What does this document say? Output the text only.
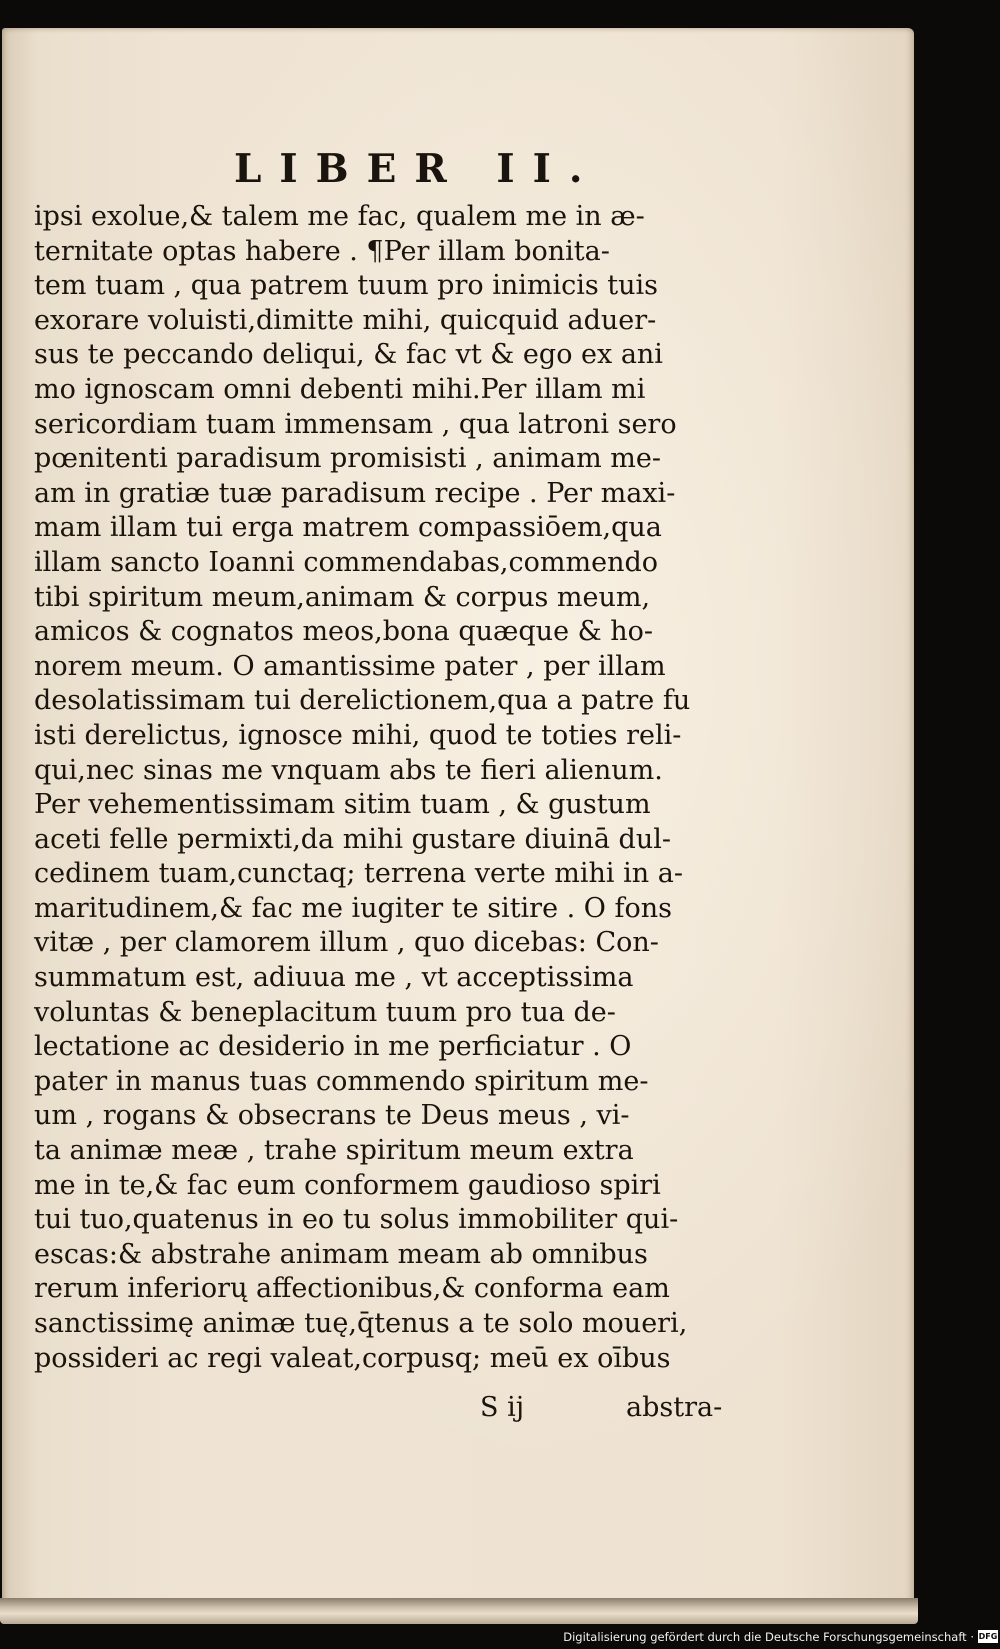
LIBER II.
ipsi exolue,& talem me fac, qualem me in æ-
ternitate optas habere . ¶Per illam bonita-
tem tuam , qua patrem tuum pro inimicis tuis
exorare voluisti,dimitte mihi, quicquid aduer-
sus te peccando deliqui, & fac vt & ego ex ani
mo ignoscam omni debenti mihi.Per illam mi
sericordiam tuam immensam , qua latroni sero
pœnitenti paradisum promisisti , animam me-
am in gratiæ tuæ paradisum recipe . Per maxi-
mam illam tui erga matrem compassiōem,qua
illam sancto Ioanni commendabas,commendo
tibi spiritum meum,animam & corpus meum,
amicos & cognatos meos,bona quæque & ho-
norem meum. O amantissime pater , per illam
desolatissimam tui derelictionem,qua a patre fu
isti derelictus, ignosce mihi, quod te toties reli-
qui,nec sinas me vnquam abs te fieri alienum.
Per vehementissimam sitim tuam , & gustum
aceti felle permixti,da mihi gustare diuinā dul-
cedinem tuam,cunctaq; terrena verte mihi in a-
maritudinem,& fac me iugiter te sitire . O fons
vitæ , per clamorem illum , quo dicebas: Con-
summatum est, adiuua me , vt acceptissima
voluntas & beneplacitum tuum pro tua de-
lectatione ac desiderio in me perficiatur . O
pater in manus tuas commendo spiritum me-
um , rogans & obsecrans te Deus meus , vi-
ta animæ meæ , trahe spiritum meum extra
me in te,& fac eum conformem gaudioso spiri
tui tuo,quatenus in eo tu solus immobiliter qui-
escas:& abstrahe animam meam ab omnibus
rerum inferiorų affectionibus,& conforma eam
sanctissimę animæ tuę,q̄tenus a te solo moueri,
possideri ac regi valeat,corpusq; meū ex oībus
S ij	abstra-
Digitalisierung gefördert durch die Deutsche Forschungsgemeinschaft · DFG
